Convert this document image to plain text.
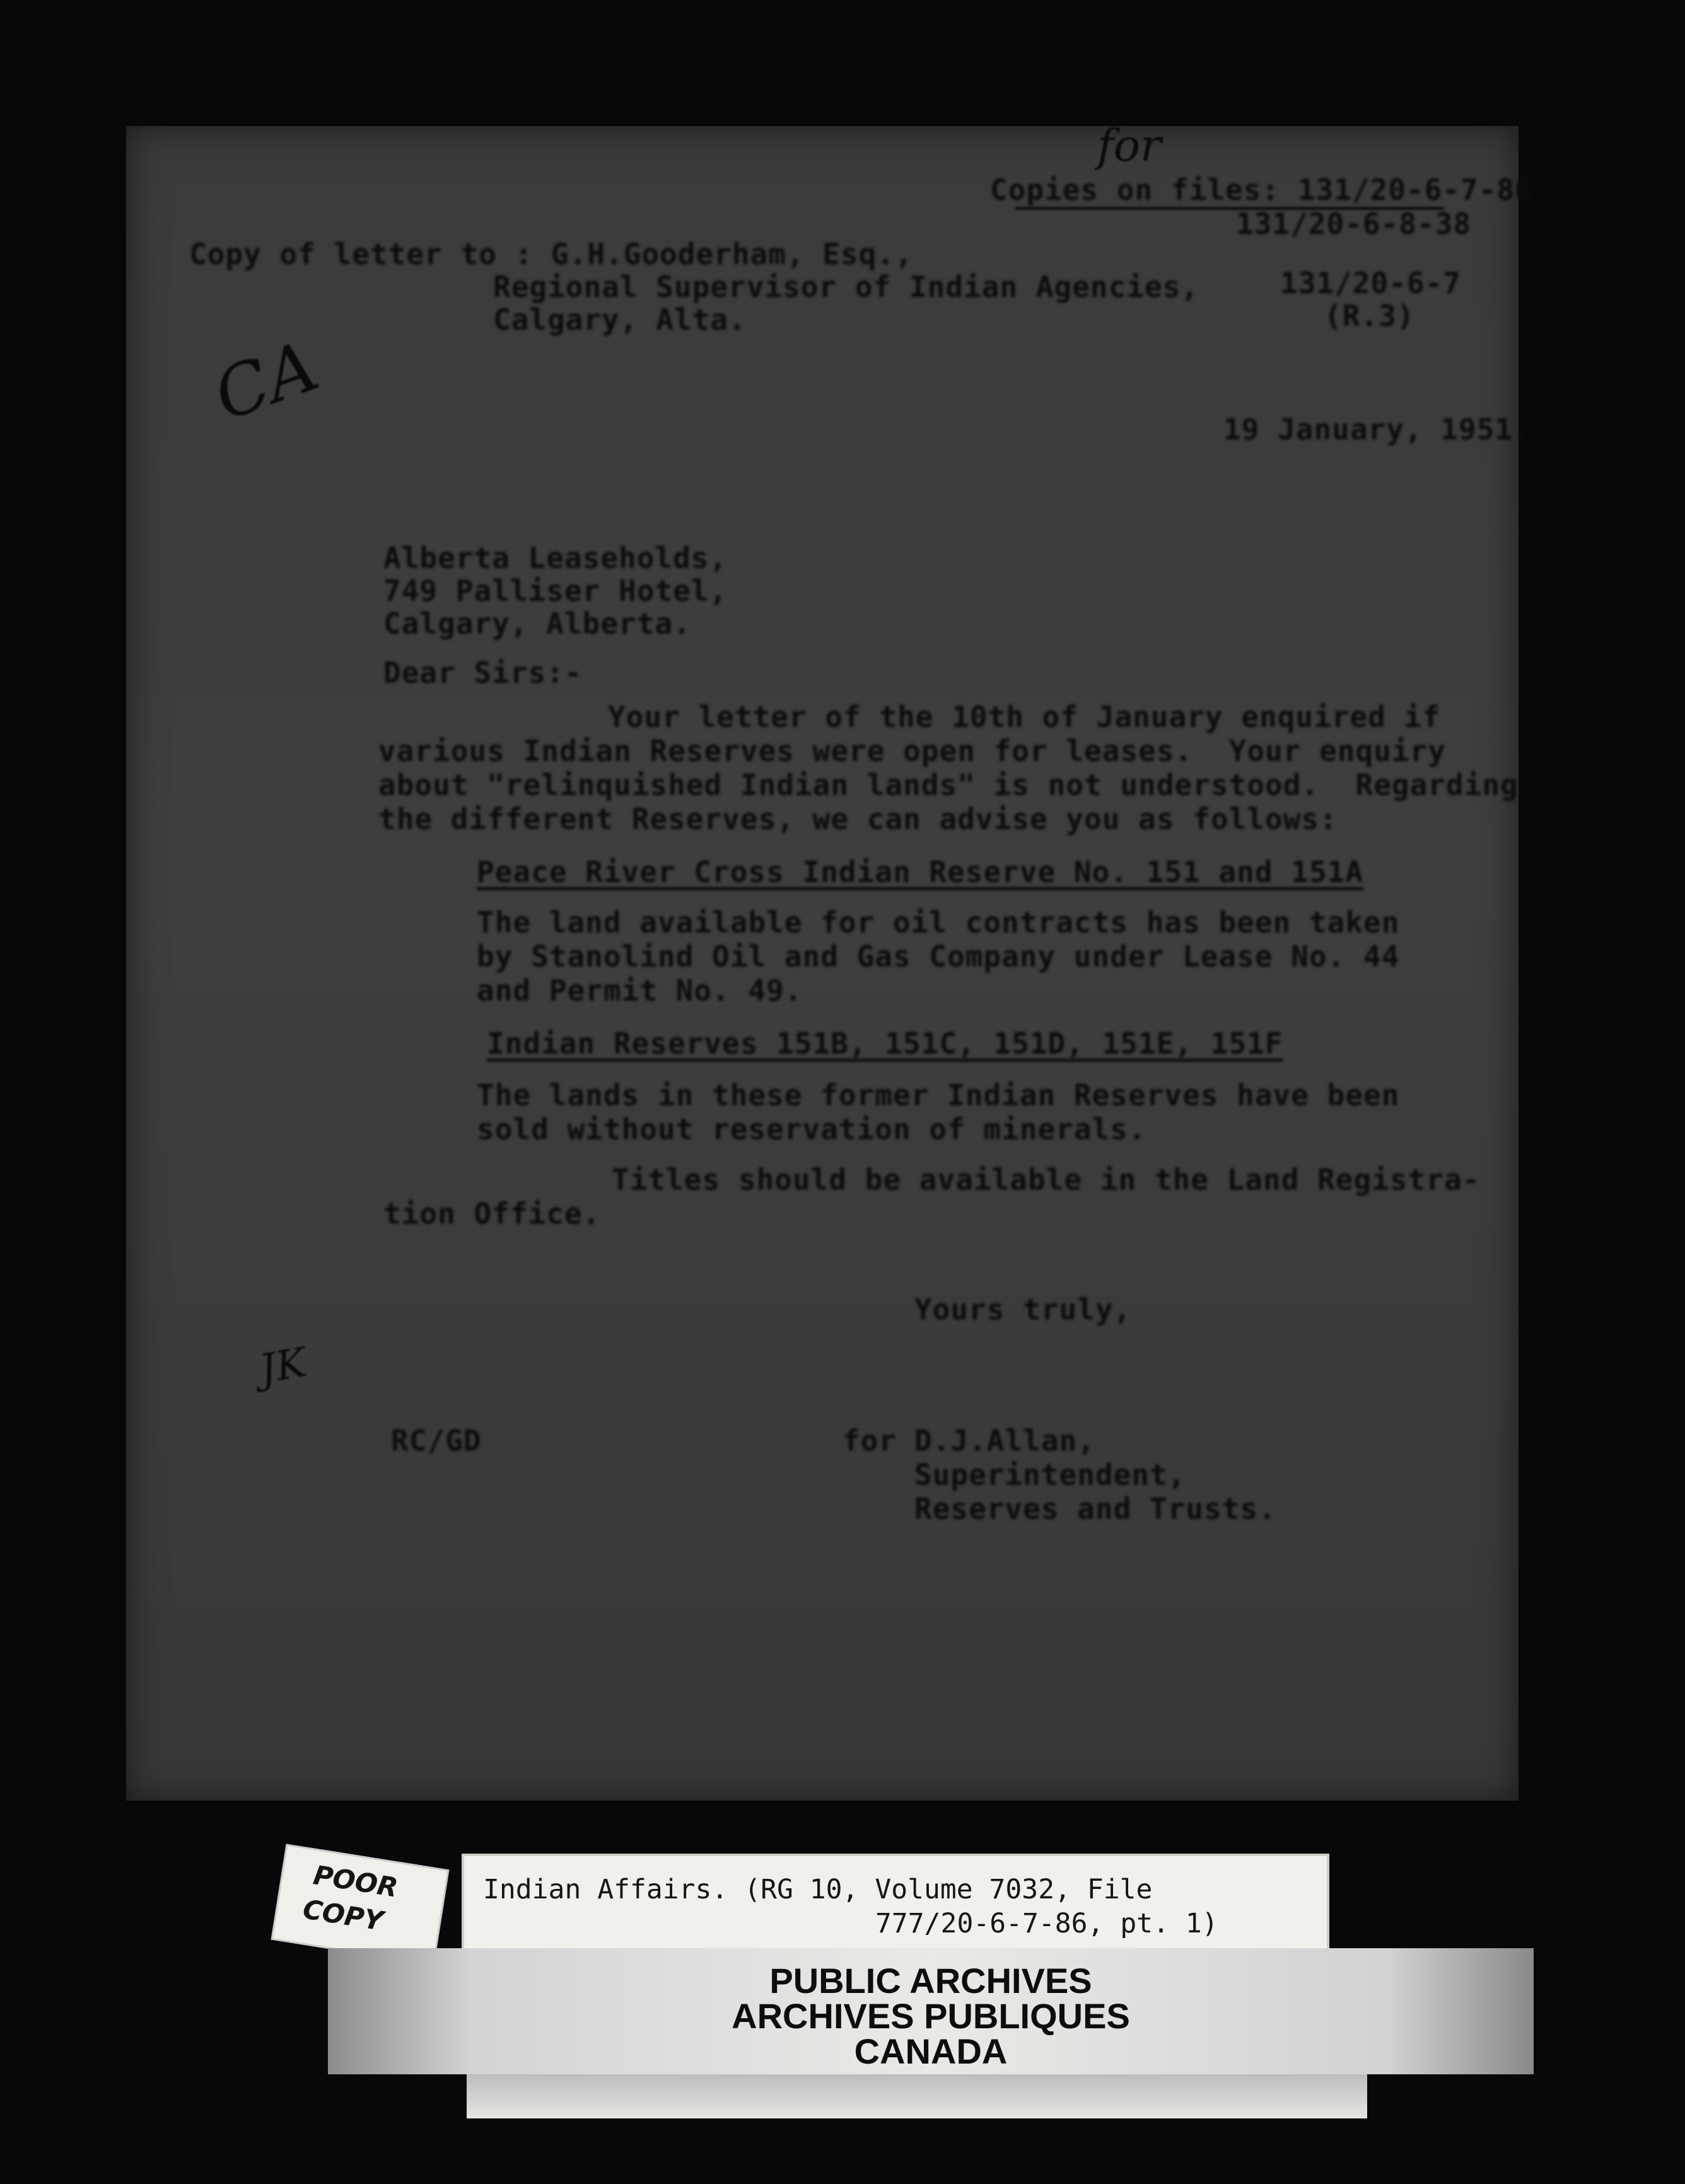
for
Copies on files: 131/20-6-7-86
131/20-6-8-38
Copy of letter to : G.H.Gooderham, Esq.,
Regional Supervisor of Indian Agencies,
Calgary, Alta.
131/20-6-7
(R.3)
CA	19 January, 1951.
Alberta Leaseholds,
749 Palliser Hotel,
Calgary, Alberta.
Dear Sirs:-
Your letter of the 10th of January enquired if
various Indian Reserves were open for leases.  Your enquiry
about "relinquished Indian lands" is not understood.  Regarding
the different Reserves, we can advise you as follows:
Peace River Cross Indian Reserve No. 151 and 151A
The land available for oil contracts has been taken
by Stanolind Oil and Gas Company under Lease No. 44
and Permit No. 49.
Indian Reserves 151B, 151C, 151D, 151E, 151F
The lands in these former Indian Reserves have been
sold without reservation of minerals.
Titles should be available in the Land Registra-
tion Office.
Yours truly,
JK
RC/GD	for D.J.Allan,
Superintendent,
Reserves and Trusts.
POOR
COPY
Indian Affairs. (RG 10, Volume 7032, File
777/20-6-7-86, pt. 1)
PUBLIC ARCHIVES
ARCHIVES PUBLIQUES
CANADA
